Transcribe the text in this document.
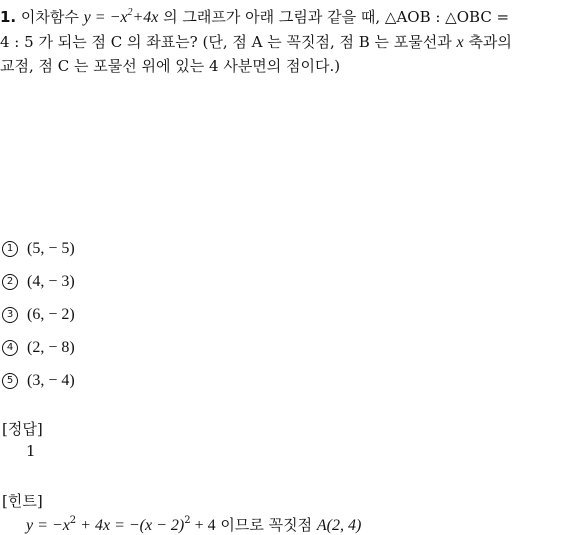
1. 이차함수 $y = -x^2+4x$ 의 그래프가 아래 그림과 같을 때, △AOB : △OBC =
4 : 5 가 되는 점 C 의 좌표는? (단, 점 A 는 꼭짓점, 점 B 는 포물선과 x 축과의
교점, 점 C 는 포물선 위에 있는 4 사분면의 점이다.)
1 (5, − 5)
2 (4, − 3)
3 (6, − 2)
4 (2, − 8)
5 (3, − 4)
[정답]
1
[힌트]
$y = -x^2 + 4x = -(x - 2)^2 + 4$ 이므로 꼭짓점 A(2, 4)
